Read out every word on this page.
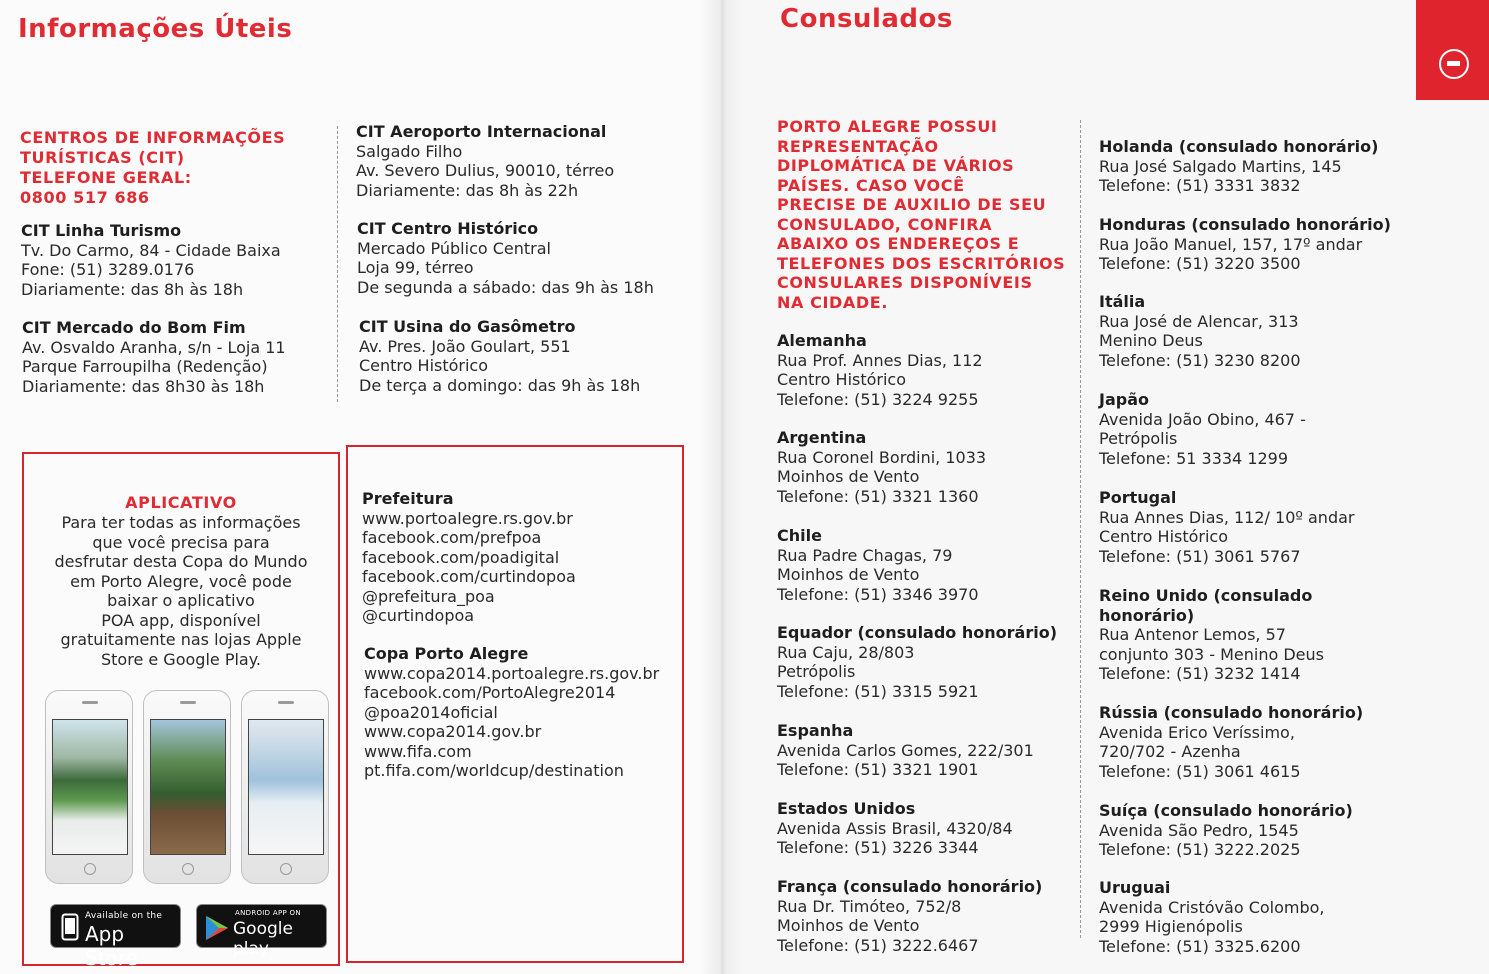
Informações Úteis
CENTROS DE INFORMAÇÕES
TURÍSTICAS (CIT)
TELEFONE GERAL:
0800 517 686
CIT Linha Turismo
Tv. Do Carmo, 84 - Cidade Baixa
Fone: (51) 3289.0176
Diariamente: das 8h às 18h
CIT Mercado do Bom Fim
Av. Osvaldo Aranha, s/n - Loja 11
Parque Farroupilha (Redenção)
Diariamente: das 8h30 às 18h
CIT Aeroporto Internacional
Salgado Filho
Av. Severo Dulius, 90010, térreo
Diariamente: das 8h às 22h
CIT Centro Histórico
Mercado Público Central
Loja 99, térreo
De segunda a sábado: das 9h às 18h
CIT Usina do Gasômetro
Av. Pres. João Goulart, 551
Centro Histórico
De terça a domingo: das 9h às 18h
APLICATIVO
Para ter todas as informações
que você precisa para
desfrutar desta Copa do Mundo
em Porto Alegre, você pode
baixar o aplicativo
POA app, disponível
gratuitamente nas lojas Apple
Store e Google Play.
Available on the
App Store
ANDROID APP ON
Google play
Prefeitura
www.portoalegre.rs.gov.br
facebook.com/prefpoa
facebook.com/poadigital
facebook.com/curtindopoa
@prefeitura_poa
@curtindopoa
Copa Porto Alegre
www.copa2014.portoalegre.rs.gov.br
facebook.com/PortoAlegre2014
@poa2014oficial
www.copa2014.gov.br
www.fifa.com
pt.fifa.com/worldcup/destination
Consulados
PORTO ALEGRE POSSUI
REPRESENTAÇÃO
DIPLOMÁTICA DE VÁRIOS
PAÍSES. CASO VOCÊ
PRECISE DE AUXILIO DE SEU
CONSULADO, CONFIRA
ABAIXO OS ENDEREÇOS E
TELEFONES DOS ESCRITÓRIOS
CONSULARES DISPONÍVEIS
NA CIDADE.
Alemanha
Rua Prof. Annes Dias, 112
Centro Histórico
Telefone: (51) 3224 9255
Argentina
Rua Coronel Bordini, 1033
Moinhos de Vento
Telefone: (51) 3321 1360
Chile
Rua Padre Chagas, 79
Moinhos de Vento
Telefone: (51) 3346 3970
Equador (consulado honorário)
Rua Caju, 28/803
Petrópolis
Telefone: (51) 3315 5921
Espanha
Avenida Carlos Gomes, 222/301
Telefone: (51) 3321 1901
Estados Unidos
Avenida Assis Brasil, 4320/84
Telefone: (51) 3226 3344
França (consulado honorário)
Rua Dr. Timóteo, 752/8
Moinhos de Vento
Telefone: (51) 3222.6467
Holanda (consulado honorário)
Rua José Salgado Martins, 145
Telefone: (51) 3331 3832
Honduras (consulado honorário)
Rua João Manuel, 157, 17º andar
Telefone: (51) 3220 3500
Itália
Rua José de Alencar, 313
Menino Deus
Telefone: (51) 3230 8200
Japão
Avenida João Obino, 467 -
Petrópolis
Telefone: 51 3334 1299
Portugal
Rua Annes Dias, 112/ 10º andar
Centro Histórico
Telefone: (51) 3061 5767
Reino Unido (consulado
honorário)
Rua Antenor Lemos, 57
conjunto 303 - Menino Deus
Telefone: (51) 3232 1414
Rússia (consulado honorário)
Avenida Erico Veríssimo,
720/702 - Azenha
Telefone: (51) 3061 4615
Suíça (consulado honorário)
Avenida São Pedro, 1545
Telefone: (51) 3222.2025
Uruguai
Avenida Cristóvão Colombo,
2999 Higienópolis
Telefone: (51) 3325.6200
